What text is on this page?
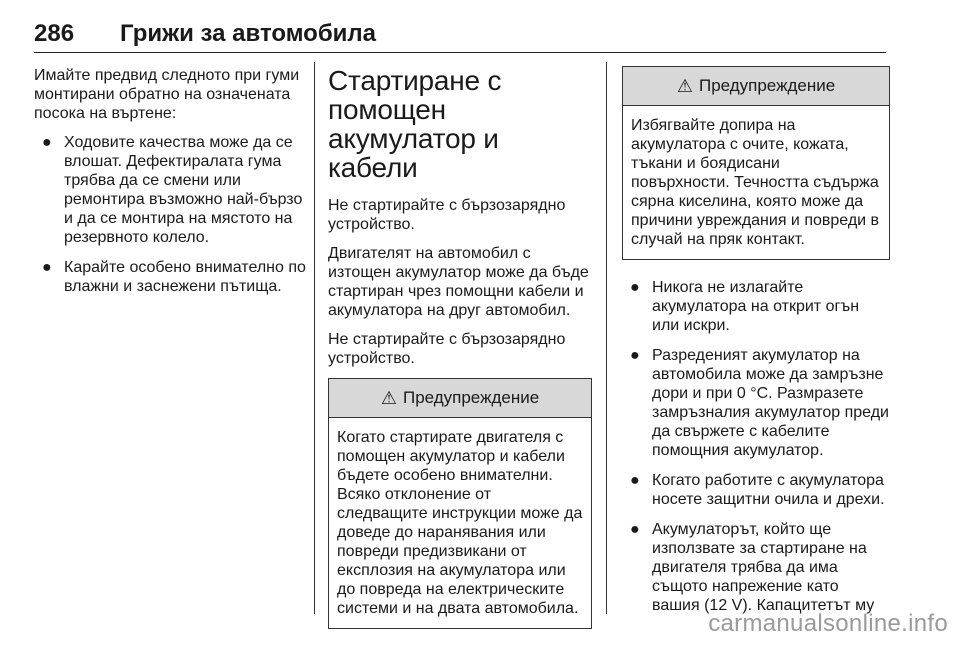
286 Грижи за автомобила

Имайте предвид следното при гуми монтирани обратно на означената посока на въртене:

● Ходовите качества може да се влошат. Дефектиралата гума трябва да се смени или ремонтира възможно най-бързо и да се монтира на мястото на резервното колело.
● Карайте особено внимателно по влажни и заснежени пътища.
Стартиране с помощен акумулатор и кабели

Не стартирайте с бързозарядно устройство.

Двигателят на автомобил с изтощен акумулатор може да бъде стартиран чрез помощни кабели и акумулатора на друг автомобил.

Не стартирайте с бързозарядно устройство.

⚠ Предупреждение
Когато стартирате двигателя с помощен акумулатор и кабели бъдете особено внимателни. Всяко отклонение от следващите инструкции може да доведе до наранявания или повреди предизвикани от експлозия на акумулатора или до повреда на електрическите системи и на двата автомобила.
⚠ Предупреждение
Избягвайте допира на акумулатора с очите, кожата, тъкани и боядисани повърхности. Течността съдържа сярна киселина, която може да причини увреждания и повреди в случай на пряк контакт.
● Никога не излагайте акумулатора на открит огън или искри.
● Разреденият акумулатор на автомобила може да замръзне дори и при 0 °C. Размразете замръзналия акумулатор преди да свържете с кабелите помощния акумулатор.
● Когато работите с акумулатора носете защитни очила и дрехи.
● Акумулаторът, който ще използвате за стартиране на двигателя трябва да има същото напрежение като вашия (12 V). Капацитетът му
carmanualsonline.info
